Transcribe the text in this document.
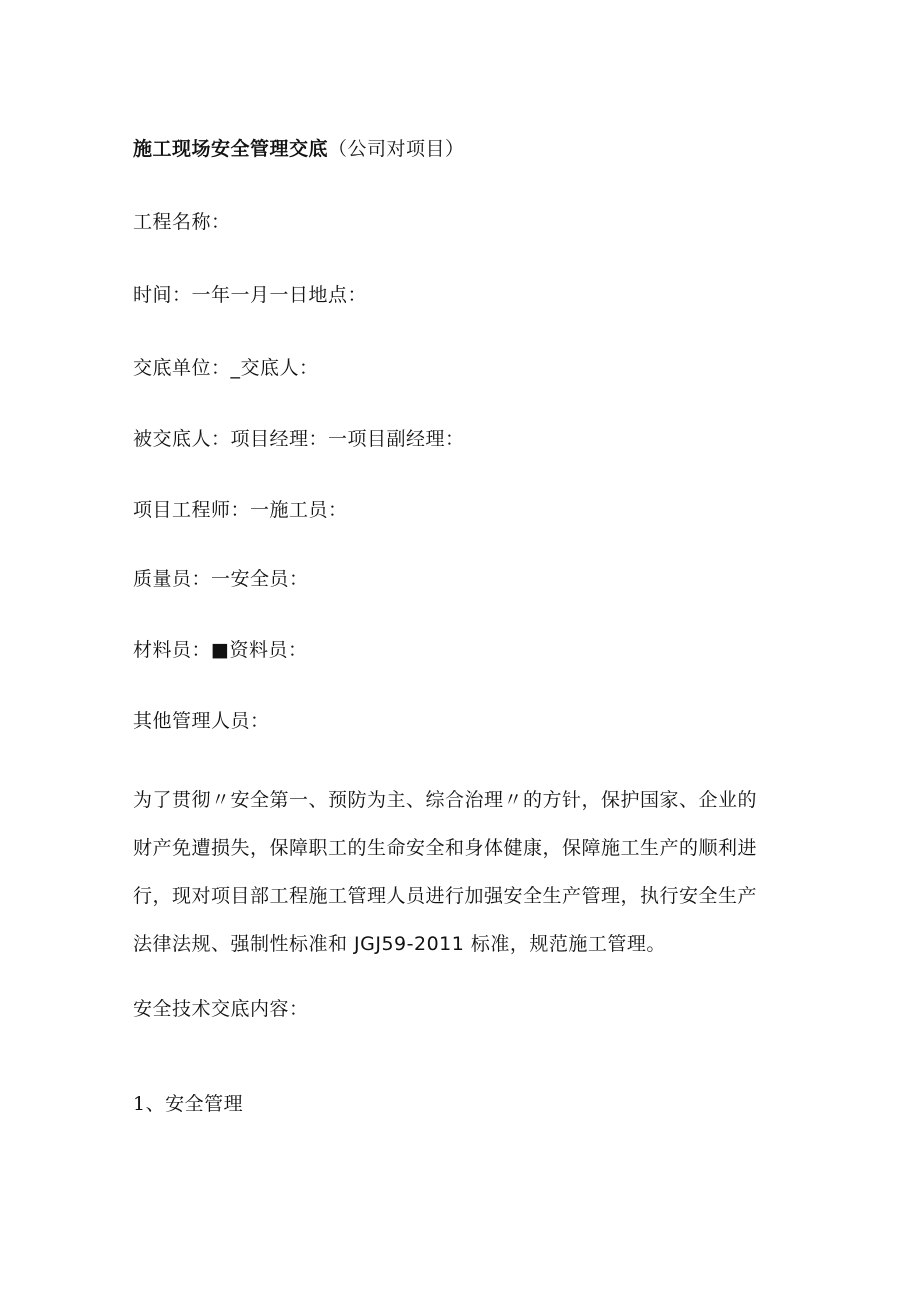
施工现场安全管理交底（公司对项目）
工程名称：
时间：一年一月一日地点：
交底单位：_交底人：
被交底人：项目经理：一项目副经理：
项目工程师：一施工员：
质量员：一安全员：
材料员：■资料员：
其他管理人员：
为了贯彻〃安全第一、预防为主、综合治理〃的方针，保护国家、企业的
财产免遭损失，保障职工的生命安全和身体健康，保障施工生产的顺利进
行，现对项目部工程施工管理人员进行加强安全生产管理，执行安全生产
法律法规、强制性标准和 JGJ59-2011 标准，规范施工管理。
安全技术交底内容：
1、安全管理
